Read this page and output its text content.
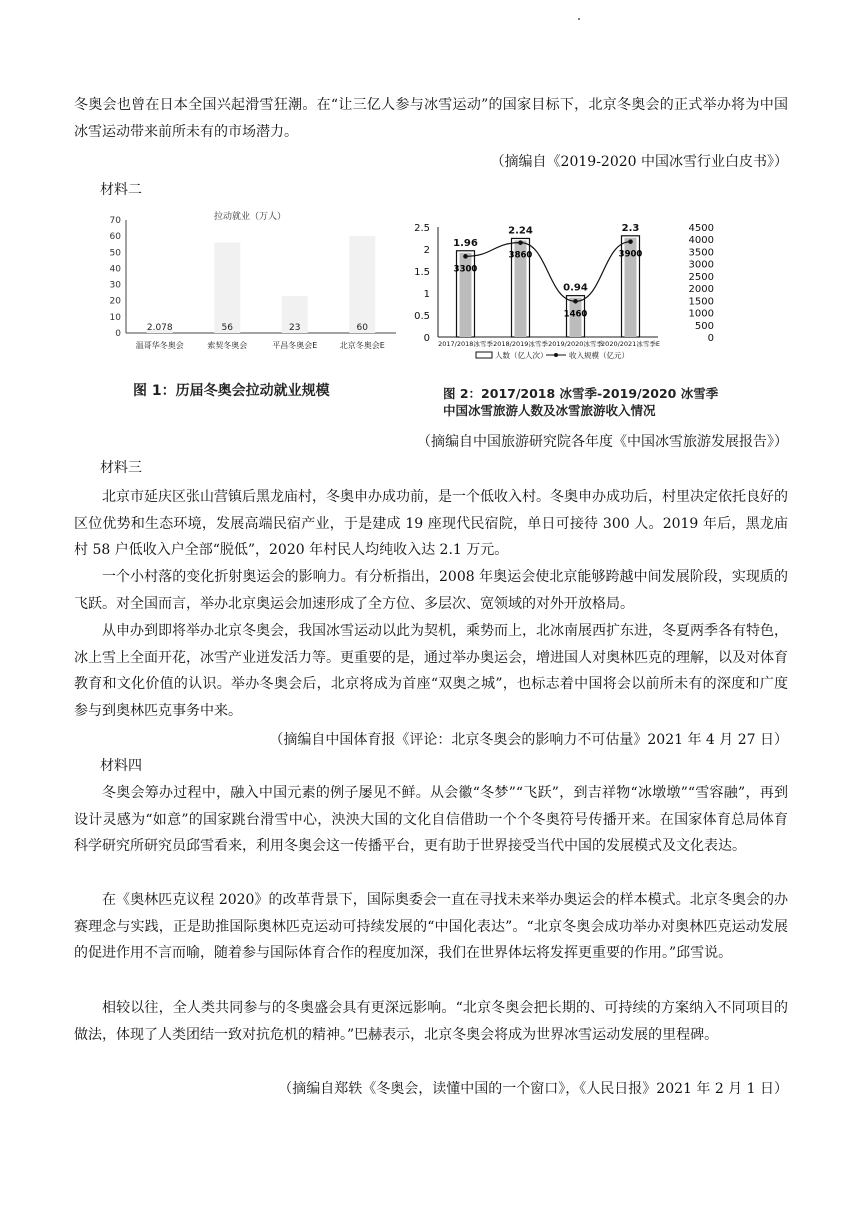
冬奥会也曾在日本全国兴起滑雪狂潮。在“让三亿人参与冰雪运动”的国家目标下，北京冬奥会的正式举办将为中国冰雪运动带来前所未有的市场潜力。

（摘编自《2019-2020 中国冰雪行业白皮书》）
材料二
0
10
20
30
40
50
60
70	拉动就业（万人）
2.078
温哥华冬奥会
56
索契冬奥会
23
平昌冬奥会E
60
北京冬奥会E
图 1：历届冬奥会拉动就业规模
0
0.5
1
1.5
2
2.5
0
500
1000
1500
2000
2500
3000
3500
4000
4500
1.96
3300
2017/2018冰雪季
2.24
3860
2018/2019冰雪季
0.94
1460
2019/2020冰雪季
2.3
3900
2020/2021冰雪季E
人数（亿人次）	收入规模（亿元）
图 2：2017/2018 冰雪季-2019/2020 冰雪季
中国冰雪旅游人数及冰雪旅游收入情况
（摘编自中国旅游研究院各年度《中国冰雪旅游发展报告》）
材料三

北京市延庆区张山营镇后黑龙庙村，冬奥申办成功前，是一个低收入村。冬奥申办成功后，村里决定依托良好的区位优势和生态环境，发展高端民宿产业，于是建成 19 座现代民宿院，单日可接待 300 人。2019 年后，黑龙庙村 58 户低收入户全部“脱低”，2020 年村民人均纯收入达 2.1 万元。

一个小村落的变化折射奥运会的影响力。有分析指出，2008 年奥运会使北京能够跨越中间发展阶段，实现质的飞跃。对全国而言，举办北京奥运会加速形成了全方位、多层次、宽领域的对外开放格局。

从申办到即将举办北京冬奥会，我国冰雪运动以此为契机，乘势而上，北冰南展西扩东进，冬夏两季各有特色，冰上雪上全面开花，冰雪产业迸发活力等。更重要的是，通过举办奥运会，增进国人对奥林匹克的理解，以及对体育教育和文化价值的认识。举办冬奥会后，北京将成为首座“双奥之城”，也标志着中国将会以前所未有的深度和广度参与到奥林匹克事务中来。

（摘编自中国体育报《评论：北京冬奥会的影响力不可估量》2021 年 4 月 27 日）
材料四

冬奥会筹办过程中，融入中国元素的例子屡见不鲜。从会徽“冬梦”“飞跃”，到吉祥物“冰墩墩”“雪容融”，再到设计灵感为“如意”的国家跳台滑雪中心，泱泱大国的文化自信借助一个个冬奥符号传播开来。在国家体育总局体育科学研究所研究员邱雪看来，利用冬奥会这一传播平台，更有助于世界接受当代中国的发展模式及文化表达。

在《奥林匹克议程 2020》的改革背景下，国际奥委会一直在寻找未来举办奥运会的样本模式。北京冬奥会的办赛理念与实践，正是助推国际奥林匹克运动可持续发展的“中国化表达”。“北京冬奥会成功举办对奥林匹克运动发展的促进作用不言而喻，随着参与国际体育合作的程度加深，我们在世界体坛将发挥更重要的作用。”邱雪说。

相较以往，全人类共同参与的冬奥盛会具有更深远影响。“北京冬奥会把长期的、可持续的方案纳入不同项目的做法，体现了人类团结一致对抗危机的精神。”巴赫表示，北京冬奥会将成为世界冰雪运动发展的里程碑。

（摘编自郑轶《冬奥会，读懂中国的一个窗口》，《人民日报》2021 年 2 月 1 日）
